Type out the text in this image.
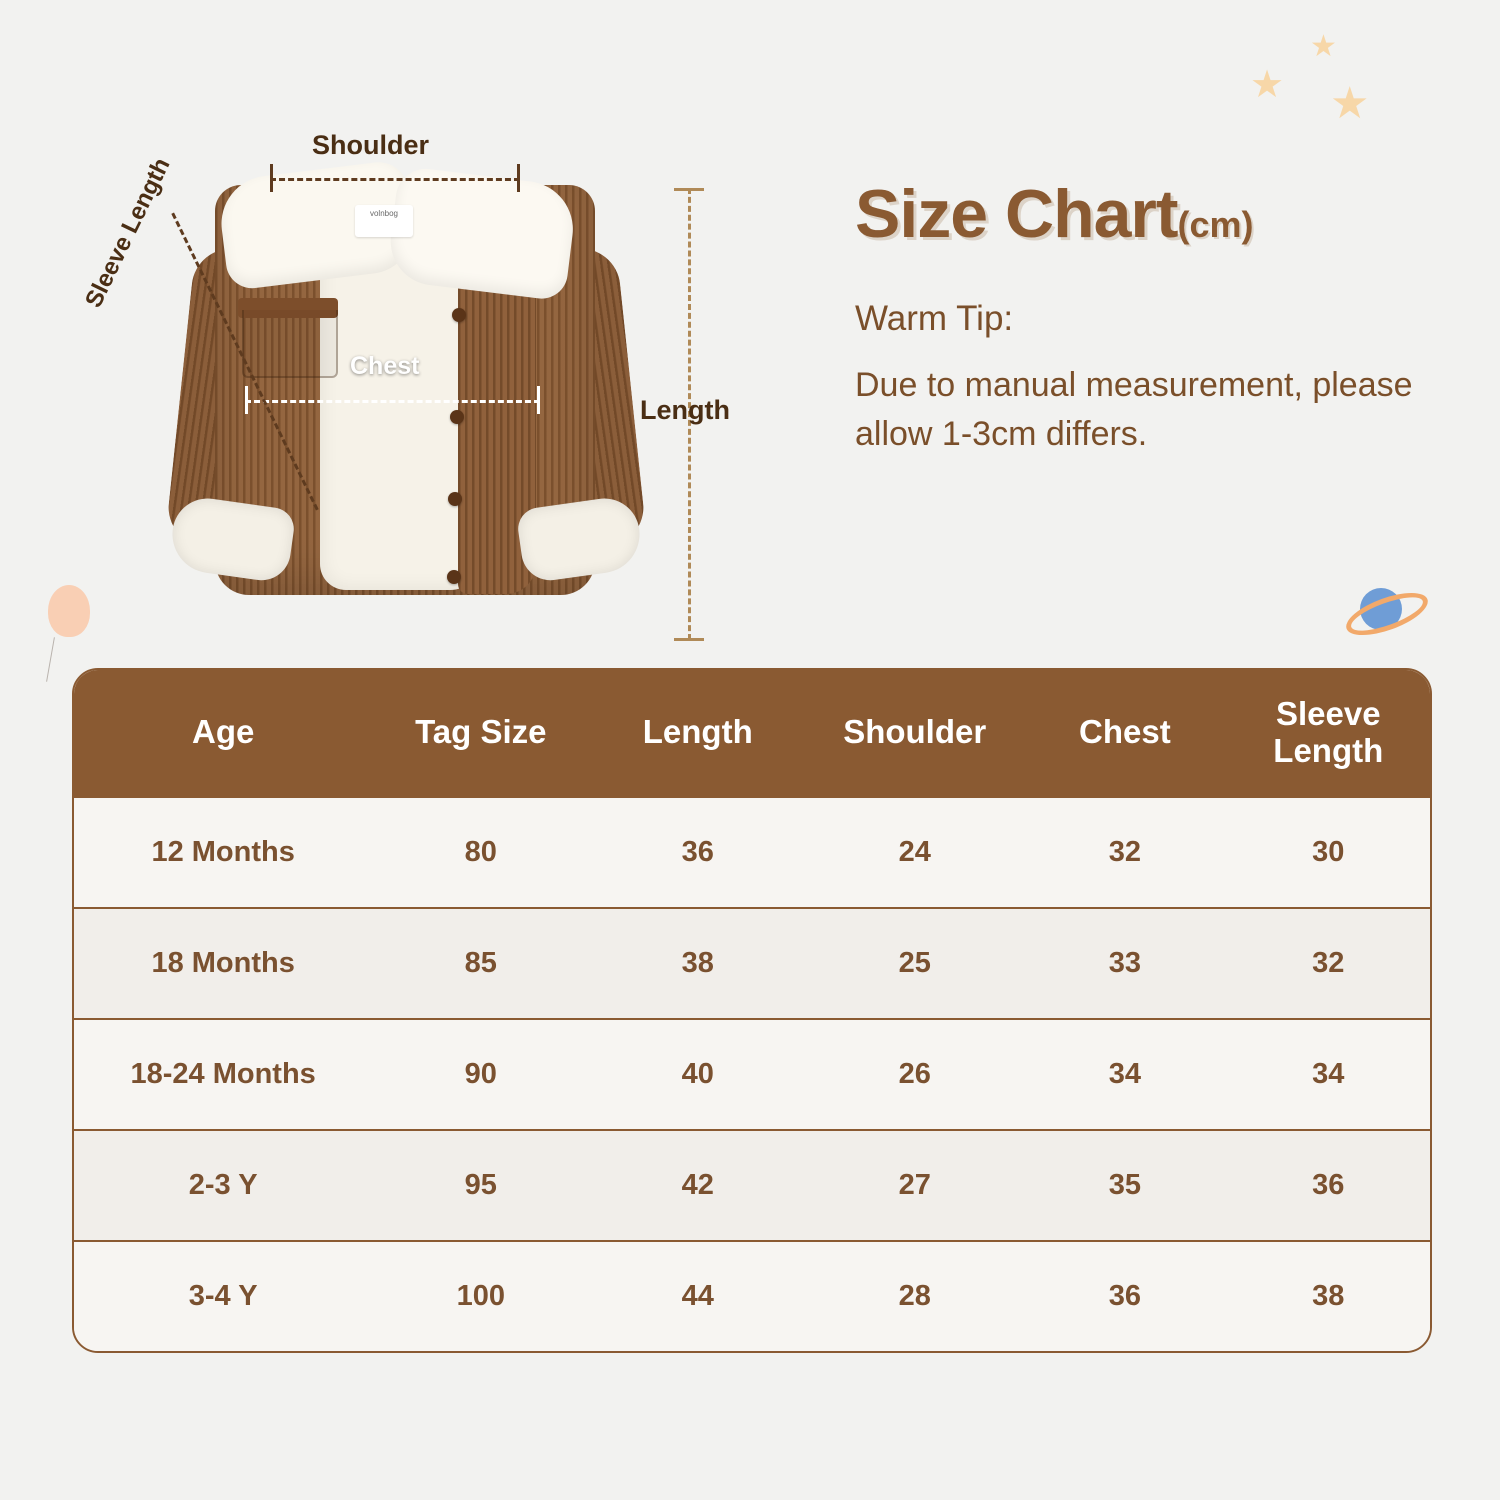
★
★
★
volnbog
Shoulder
Chest
Sleeve Length
Length
Size Chart (cm)
Warm Tip:
Due to manual measurement, please allow 1-3cm differs.
Age	Tag Size	Length	Shoulder	Chest	Sleeve Length
12 Months	80	36	24	32	30
18 Months	85	38	25	33	32
18-24 Months	90	40	26	34	34
2-3 Y	95	42	27	35	36
3-4 Y	100	44	28	36	38
